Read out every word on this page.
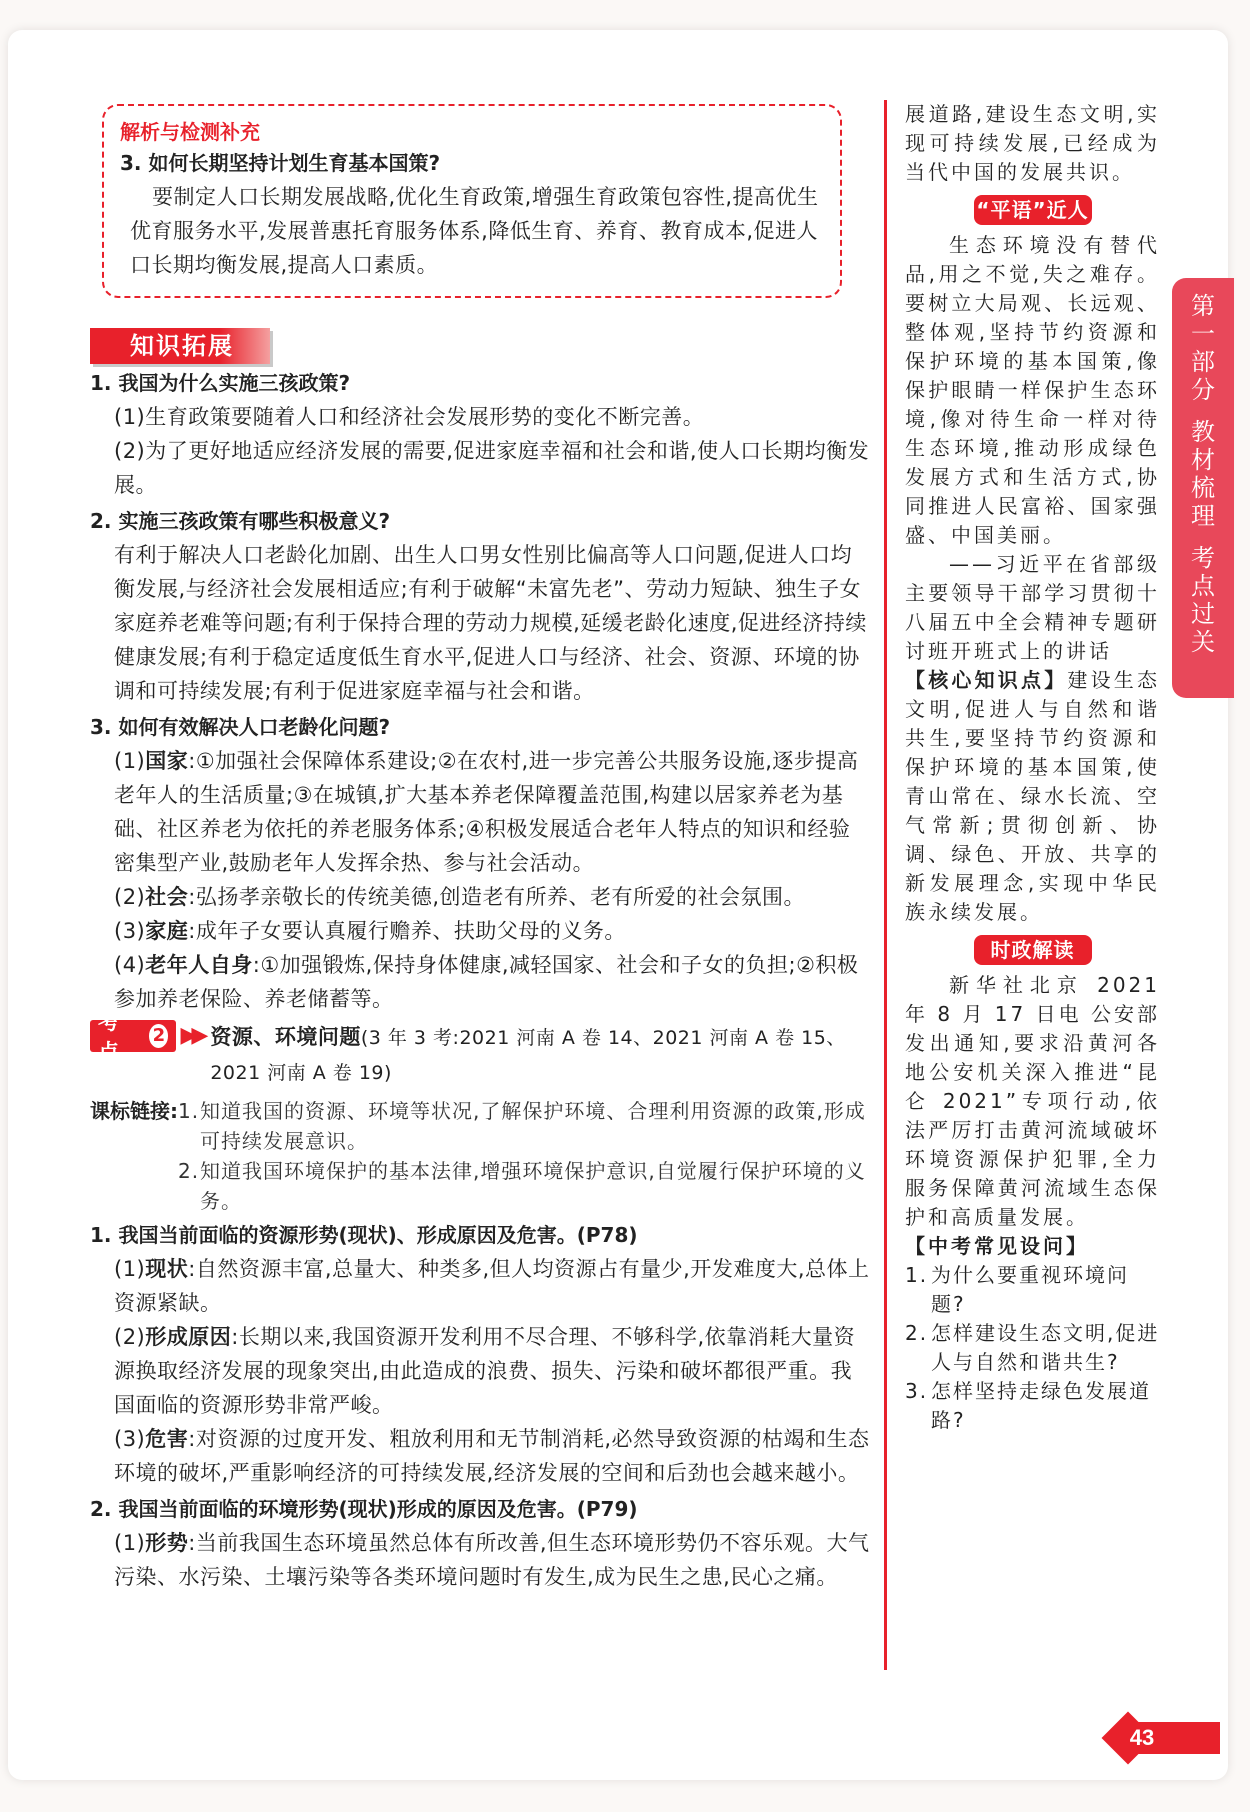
解析与检测补充
3. 如何长期坚持计划生育基本国策?
要制定人口长期发展战略,优化生育政策,增强生育政策包容性,提高优生优育服务水平,发展普惠托育服务体系,降低生育、养育、教育成本,促进人口长期均衡发展,提高人口素质。
知识拓展
1. 我国为什么实施三孩政策?
(1)生育政策要随着人口和经济社会发展形势的变化不断完善。
(2)为了更好地适应经济发展的需要,促进家庭幸福和社会和谐,使人口长期均衡发展。
2. 实施三孩政策有哪些积极意义?
有利于解决人口老龄化加剧、出生人口男女性别比偏高等人口问题,促进人口均衡发展,与经济社会发展相适应;有利于破解“未富先老”、劳动力短缺、独生子女家庭养老难等问题;有利于保持合理的劳动力规模,延缓老龄化速度,促进经济持续健康发展;有利于稳定适度低生育水平,促进人口与经济、社会、资源、环境的协调和可持续发展;有利于促进家庭幸福与社会和谐。
3. 如何有效解决人口老龄化问题?
(1)国家:①加强社会保障体系建设;②在农村,进一步完善公共服务设施,逐步提高老年人的生活质量;③在城镇,扩大基本养老保障覆盖范围,构建以居家养老为基础、社区养老为依托的养老服务体系;④积极发展适合老年人特点的知识和经验密集型产业,鼓励老年人发挥余热、参与社会活动。
(2)社会:弘扬孝亲敬长的传统美德,创造老有所养、老有所爱的社会氛围。
(3)家庭:成年子女要认真履行赡养、扶助父母的义务。
(4)老年人自身:①加强锻炼,保持身体健康,减轻国家、社会和子女的负担;②积极参加养老保险、养老储蓄等。
考 点
2 ▶▶ 资源、环境问题(3 年 3 考:2021 河南 A 卷 14、2021 河南 A 卷 15、2021 河南 A 卷 19)
课标链接: 1. 知道我国的资源、环境等状况,了解保护环境、合理利用资源的政策,形成可持续发展意识。
2. 知道我国环境保护的基本法律,增强环境保护意识,自觉履行保护环境的义务。
1. 我国当前面临的资源形势(现状)、形成原因及危害。(P78)
(1)现状:自然资源丰富,总量大、种类多,但人均资源占有量少,开发难度大,总体上资源紧缺。
(2)形成原因:长期以来,我国资源开发利用不尽合理、不够科学,依靠消耗大量资源换取经济发展的现象突出,由此造成的浪费、损失、污染和破坏都很严重。我国面临的资源形势非常严峻。
(3)危害:对资源的过度开发、粗放利用和无节制消耗,必然导致资源的枯竭和生态环境的破坏,严重影响经济的可持续发展,经济发展的空间和后劲也会越来越小。
2. 我国当前面临的环境形势(现状)形成的原因及危害。(P79)
(1)形势:当前我国生态环境虽然总体有所改善,但生态环境形势仍不容乐观。大气污染、水污染、土壤污染等各类环境问题时有发生,成为民生之患,民心之痛。
展道路,建设生态文明,实现可持续发展,已经成为当代中国的发展共识。
“平语”近人
生态环境没有替代品,用之不觉,失之难存。要树立大局观、长远观、整体观,坚持节约资源和保护环境的基本国策,像保护眼睛一样保护生态环境,像对待生命一样对待生态环境,推动形成绿色发展方式和生活方式,协同推进人民富裕、国家强盛、中国美丽。
——习近平在省部级主要领导干部学习贯彻十八届五中全会精神专题研讨班开班式上的讲话
【核心知识点】建设生态文明,促进人与自然和谐共生,要坚持节约资源和保护环境的基本国策,使青山常在、绿水长流、空气常新;贯彻创新、协调、绿色、开放、共享的新发展理念,实现中华民族永续发展。
时政解读
新华社北京 2021 年 8 月 17 日电 公安部发出通知,要求沿黄河各地公安机关深入推进“昆仑 2021”专项行动,依法严厉打击黄河流域破坏环境资源保护犯罪,全力服务保障黄河流域生态保护和高质量发展。
【中考常见设问】
1. 为什么要重视环境问题?
2. 怎样建设生态文明,促进人与自然和谐共生?
3. 怎样坚持走绿色发展道路?
第
一
部
分
教
材
梳
理
考
点
过
关
43
